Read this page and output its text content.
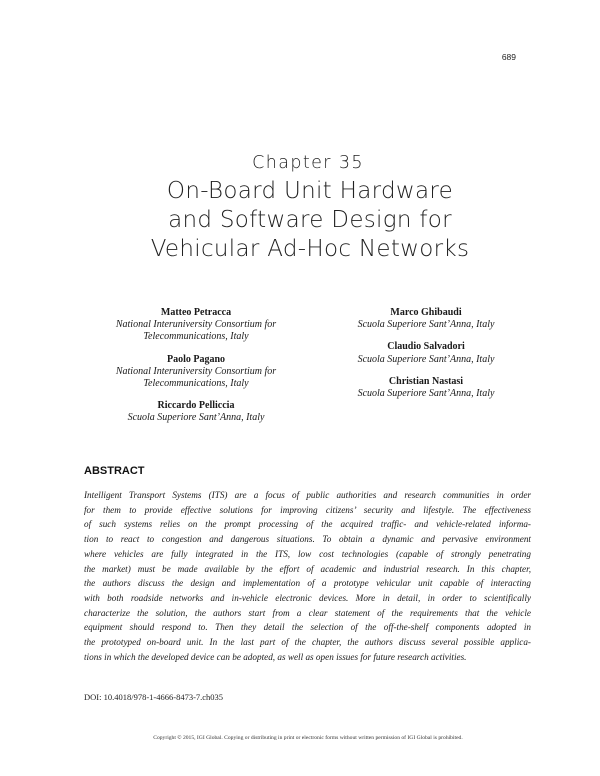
689
Chapter 35
On-Board Unit Hardware
and Software Design for
Vehicular Ad-Hoc Networks
Matteo Petracca
National Interuniversity Consortium for
Telecommunications, Italy
Paolo Pagano
National Interuniversity Consortium for
Telecommunications, Italy
Riccardo Pelliccia
Scuola Superiore Sant’Anna, Italy
Marco Ghibaudi
Scuola Superiore Sant’Anna, Italy
Claudio Salvadori
Scuola Superiore Sant’Anna, Italy
Christian Nastasi
Scuola Superiore Sant’Anna, Italy
ABSTRACT

Intelligent Transport Systems (ITS) are a focus of public authorities and research communities in order
for them to provide effective solutions for improving citizens’ security and lifestyle. The effectiveness
of such systems relies on the prompt processing of the acquired traffic- and vehicle-related informa-
tion to react to congestion and dangerous situations. To obtain a dynamic and pervasive environment
where vehicles are fully integrated in the ITS, low cost technologies (capable of strongly penetrating
the market) must be made available by the effort of academic and industrial research. In this chapter,
the authors discuss the design and implementation of a prototype vehicular unit capable of interacting
with both roadside networks and in-vehicle electronic devices. More in detail, in order to scientifically
characterize the solution, the authors start from a clear statement of the requirements that the vehicle
equipment should respond to. Then they detail the selection of the off-the-shelf components adopted in
the prototyped on-board unit. In the last part of the chapter, the authors discuss several possible applica-
tions in which the developed device can be adopted, as well as open issues for future research activities.

DOI: 10.4018/978-1-4666-8473-7.ch035
Copyright © 2015, IGI Global. Copying or distributing in print or electronic forms without written permission of IGI Global is prohibited.
